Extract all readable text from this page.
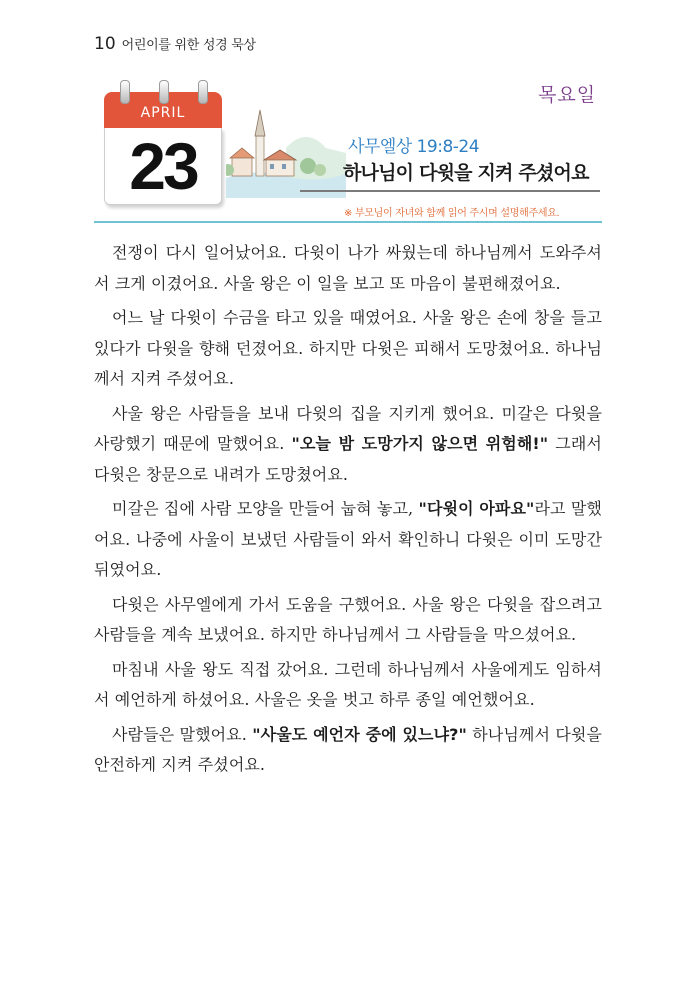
10 어린이를 위한 성경 묵상
목요일
APRIL
23	사무엘상 19:8-24
하나님이 다윗을 지켜 주셨어요
※ 부모님이 자녀와 함께 읽어 주시며 설명해주세요.

전쟁이 다시 일어났어요. 다윗이 나가 싸웠는데 하나님께서 도와주셔서 크게 이겼어요. 사울 왕은 이 일을 보고 또 마음이 불편해졌어요.

어느 날 다윗이 수금을 타고 있을 때였어요. 사울 왕은 손에 창을 들고 있다가 다윗을 향해 던졌어요. 하지만 다윗은 피해서 도망쳤어요. 하나님께서 지켜 주셨어요.

사울 왕은 사람들을 보내 다윗의 집을 지키게 했어요. 미갈은 다윗을 사랑했기 때문에 말했어요. "오늘 밤 도망가지 않으면 위험해!" 그래서 다윗은 창문으로 내려가 도망쳤어요.

미갈은 집에 사람 모양을 만들어 눕혀 놓고, "다윗이 아파요"라고 말했어요. 나중에 사울이 보냈던 사람들이 와서 확인하니 다윗은 이미 도망간 뒤였어요.

다윗은 사무엘에게 가서 도움을 구했어요. 사울 왕은 다윗을 잡으려고 사람들을 계속 보냈어요. 하지만 하나님께서 그 사람들을 막으셨어요.

마침내 사울 왕도 직접 갔어요. 그런데 하나님께서 사울에게도 임하셔서 예언하게 하셨어요. 사울은 옷을 벗고 하루 종일 예언했어요.

사람들은 말했어요. "사울도 예언자 중에 있느냐?" 하나님께서 다윗을 안전하게 지켜 주셨어요.
